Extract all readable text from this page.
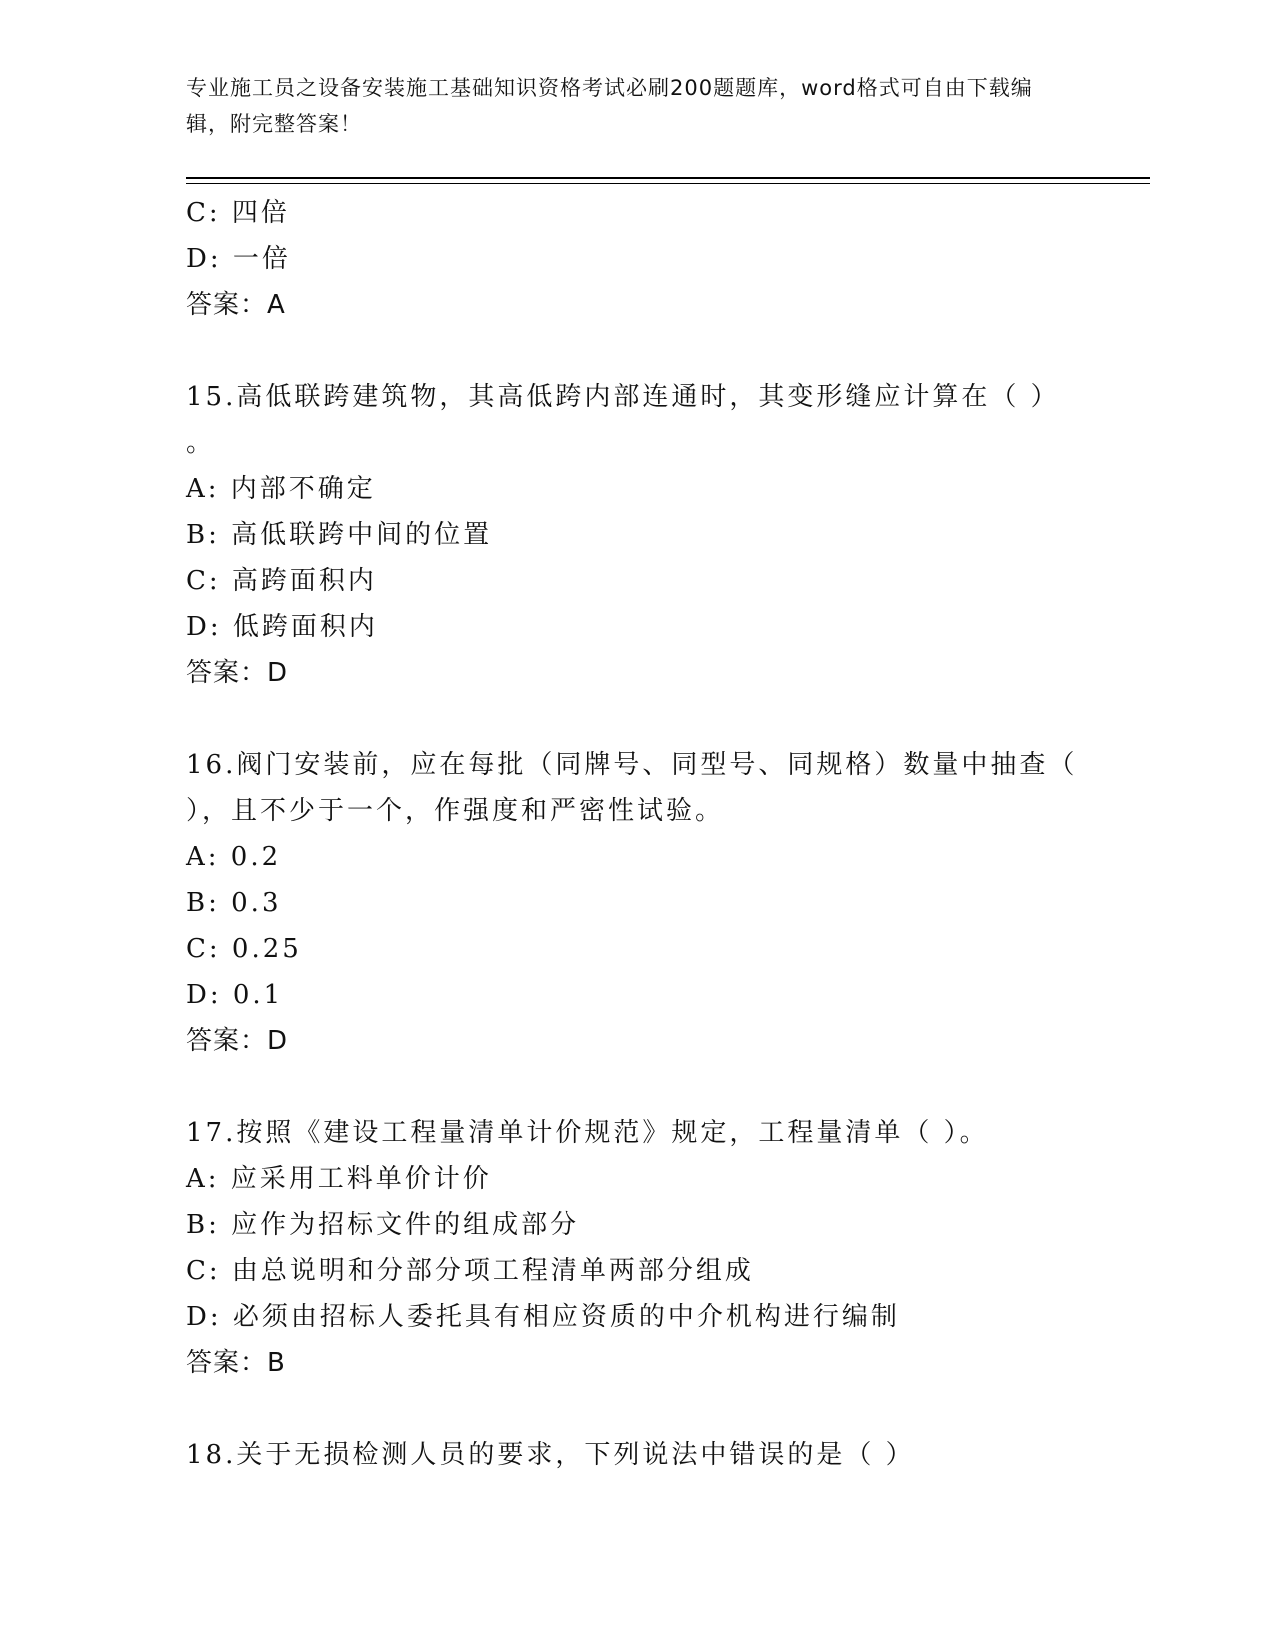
专业施工员之设备安装施工基础知识资格考试必刷200题题库，word格式可自由下载编辑，附完整答案！
C: 四倍
D: 一倍
答案：A
15.高低联跨建筑物，其高低跨内部连通时，其变形缝应计算在（ ）
。
A: 内部不确定
B: 高低联跨中间的位置
C: 高跨面积内
D: 低跨面积内
答案：D
16.阀门安装前，应在每批（同牌号、同型号、同规格）数量中抽查（
），且不少于一个，作强度和严密性试验。
A: 0.2
B: 0.3
C: 0.25
D: 0.1
答案：D
17.按照《建设工程量清单计价规范》规定，工程量清单（ ）。
A: 应采用工料单价计价
B: 应作为招标文件的组成部分
C: 由总说明和分部分项工程清单两部分组成
D: 必须由招标人委托具有相应资质的中介机构进行编制
答案：B
18.关于无损检测人员的要求，下列说法中错误的是（ ）
